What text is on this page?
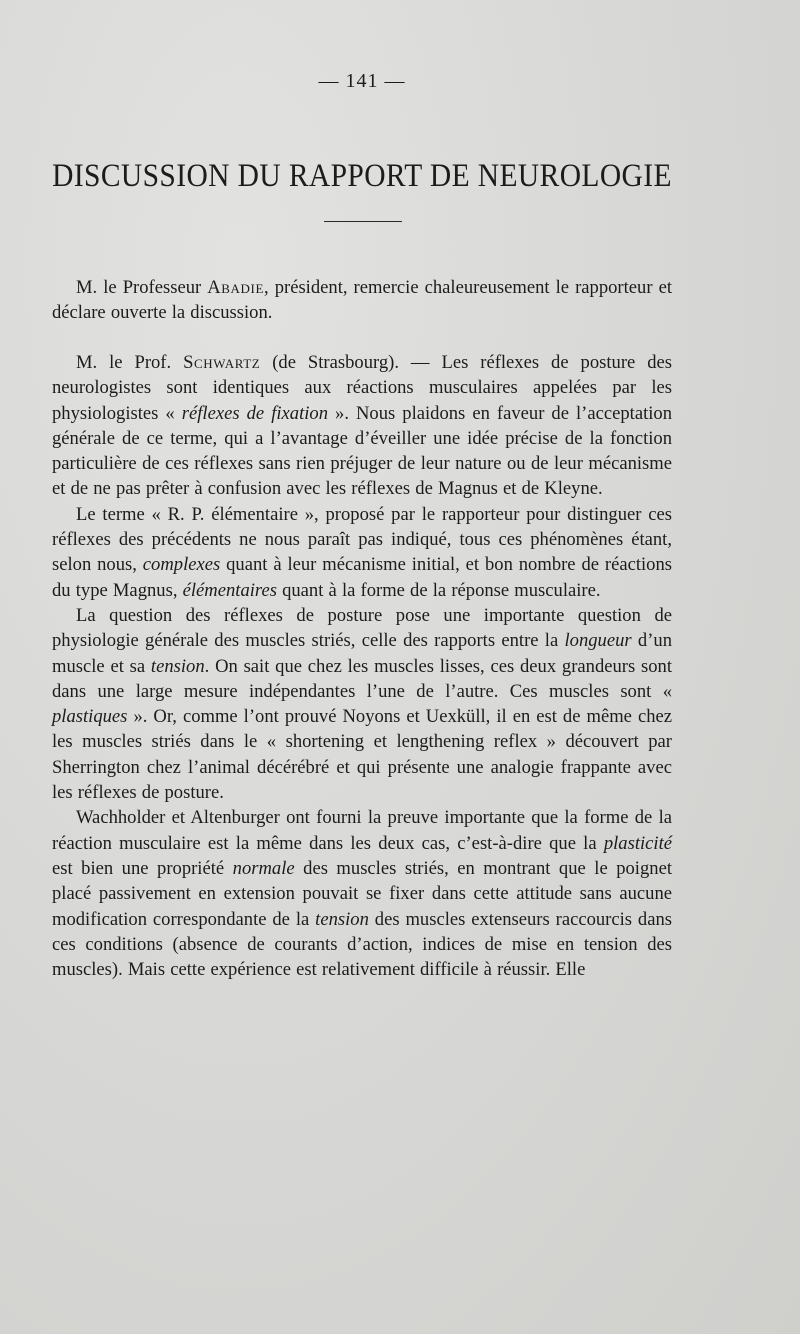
— 141 —
DISCUSSION DU RAPPORT DE NEUROLOGIE

M. le Professeur Abadie, président, remercie chaleureusement le rapporteur et déclare ouverte la discussion.

M. le Prof. Schwartz (de Strasbourg). — Les réflexes de posture des neurologistes sont identiques aux réactions musculaires appelées par les physiologistes « réflexes de fixation ». Nous plaidons en faveur de l’acceptation générale de ce terme, qui a l’avantage d’éveiller une idée précise de la fonction particulière de ces réflexes sans rien préjuger de leur nature ou de leur mécanisme et de ne pas prêter à confusion avec les réflexes de Magnus et de Kleyne.

Le terme « R. P. élémentaire », proposé par le rapporteur pour distinguer ces réflexes des précédents ne nous paraît pas indiqué, tous ces phénomènes étant, selon nous, complexes quant à leur mécanisme initial, et bon nombre de réactions du type Magnus, élémentaires quant à la forme de la réponse musculaire.

La question des réflexes de posture pose une importante question de physiologie générale des muscles striés, celle des rapports entre la longueur d’un muscle et sa tension. On sait que chez les muscles lisses, ces deux grandeurs sont dans une large mesure indépendantes l’une de l’autre. Ces muscles sont « plastiques ». Or, comme l’ont prouvé Noyons et Uexküll, il en est de même chez les muscles striés dans le « shortening et lengthening reflex » découvert par Sherrington chez l’animal décérébré et qui présente une analogie frappante avec les réflexes de posture.

Wachholder et Altenburger ont fourni la preuve importante que la forme de la réaction musculaire est la même dans les deux cas, c’est-à-dire que la plasticité est bien une propriété normale des muscles striés, en montrant que le poignet placé passivement en extension pouvait se fixer dans cette attitude sans aucune modification correspondante de la tension des muscles extenseurs raccourcis dans ces conditions (absence de courants d’action, indices de mise en tension des muscles). Mais cette expérience est relativement difficile à réussir. Elle
